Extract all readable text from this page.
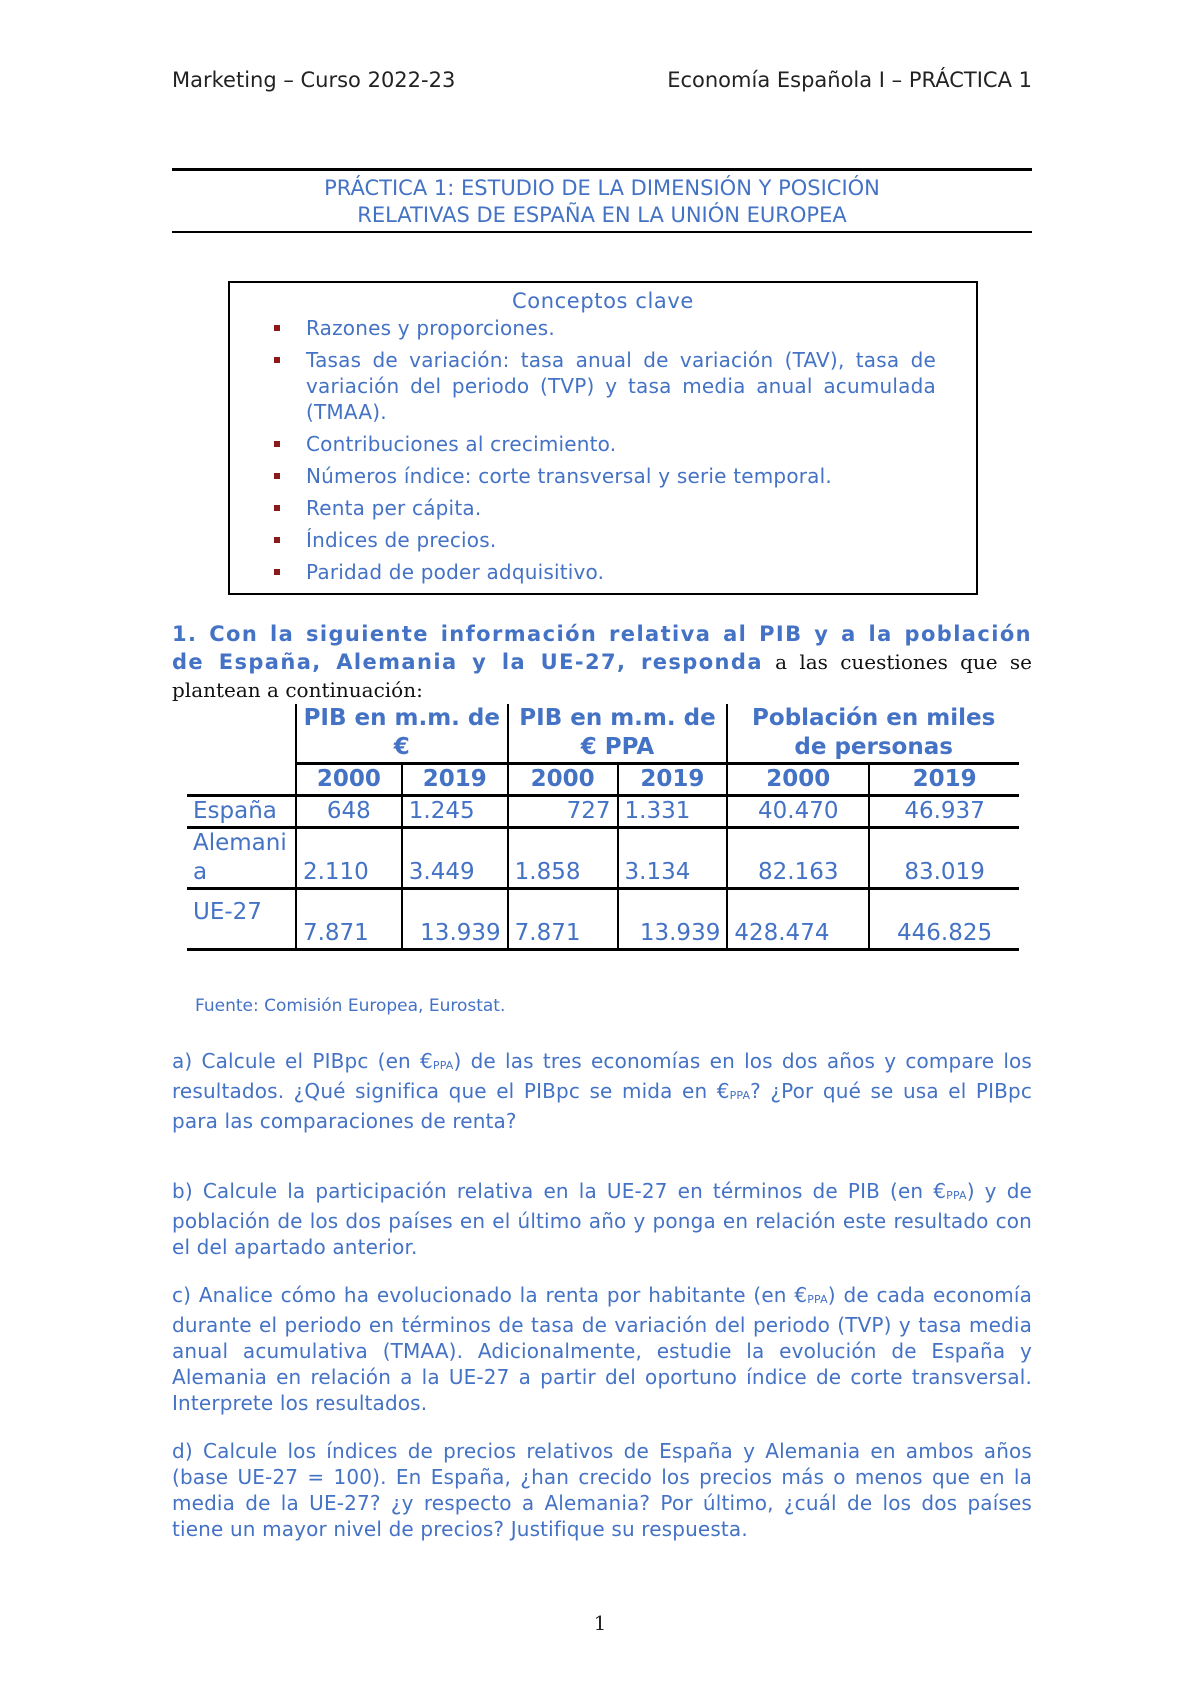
Marketing – Curso 2022-23	Economía Española I – PRÁCTICA 1
PRÁCTICA 1: ESTUDIO DE LA DIMENSIÓN Y POSICIÓN
RELATIVAS DE ESPAÑA EN LA UNIÓN EUROPEA
Conceptos clave
Razones y proporciones.
Tasas de variación: tasa anual de variación (TAV), tasa de variación del periodo (TVP) y tasa media anual acumulada (TMAA).
Contribuciones al crecimiento.
Números índice: corte transversal y serie temporal.
Renta per cápita.
Índices de precios.
Paridad de poder adquisitivo.
1. Con la siguiente información relativa al PIB y a la población de España, Alemania y la UE-27, responda a las cuestiones que se plantean a continuación:
	PIB en m.m. de €		PIB en m.m. de € PPA		Población en miles de personas	
	2000	2019	2000	2019	2000	2019
España	648	1.245	727	1.331	40.470	46.937
Alemania	2.110	3.449	1.858	3.134	82.163	83.019
UE-27	7.871	13.939	7.871	13.939	428.474	446.825
Fuente: Comisión Europea, Eurostat.
a) Calcule el PIBpc (en $€_{PPA}$) de las tres economías en los dos años y compare los resultados. ¿Qué significa que el PIBpc se mida en $€_{PPA}$? ¿Por qué se usa el PIBpc para las comparaciones de renta?
b) Calcule la participación relativa en la UE-27 en términos de PIB (en $€_{PPA}$) y de población de los dos países en el último año y ponga en relación este resultado con el del apartado anterior.
c) Analice cómo ha evolucionado la renta por habitante (en $€_{PPA}$) de cada economía durante el periodo en términos de tasa de variación del periodo (TVP) y tasa media anual acumulativa (TMAA). Adicionalmente, estudie la evolución de España y Alemania en relación a la UE-27 a partir del oportuno índice de corte transversal. Interprete los resultados.
d) Calcule los índices de precios relativos de España y Alemania en ambos años (base UE-27 = 100). En España, ¿han crecido los precios más o menos que en la media de la UE-27? ¿y respecto a Alemania? Por último, ¿cuál de los dos países tiene un mayor nivel de precios? Justifique su respuesta.
1
